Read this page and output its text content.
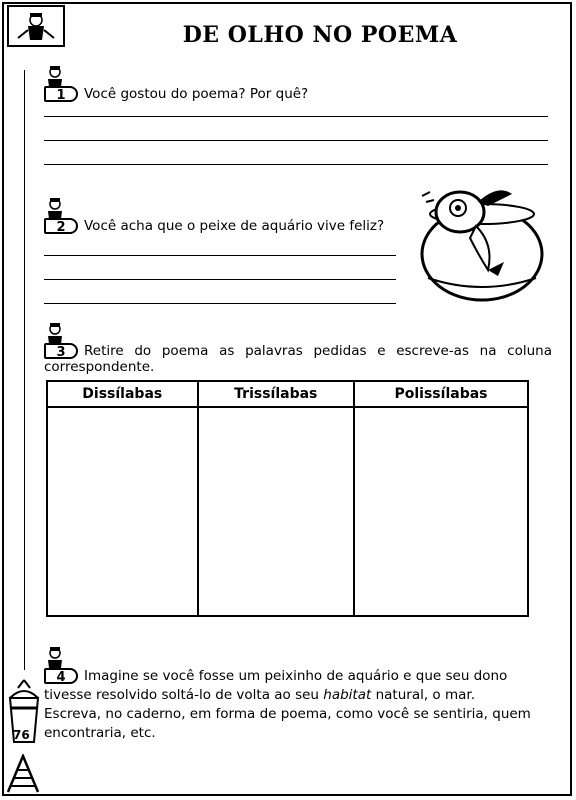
DE OLHO NO POEMA
1 Você gostou do poema? Por quê?
2 Você acha que o peixe de aquário vive feliz?
3 Retire do poema as palavras pedidas e escreve-as na coluna correspondente.
Dissílabas	Trissílabas	Polissílabas

4 Imagine se você fosse um peixinho de aquário e que seu dono tivesse resolvido soltá-lo de volta ao seu habitat natural, o mar.
Escreva, no caderno, em forma de poema, como você se sentiria, quem encontraria, etc.
76
